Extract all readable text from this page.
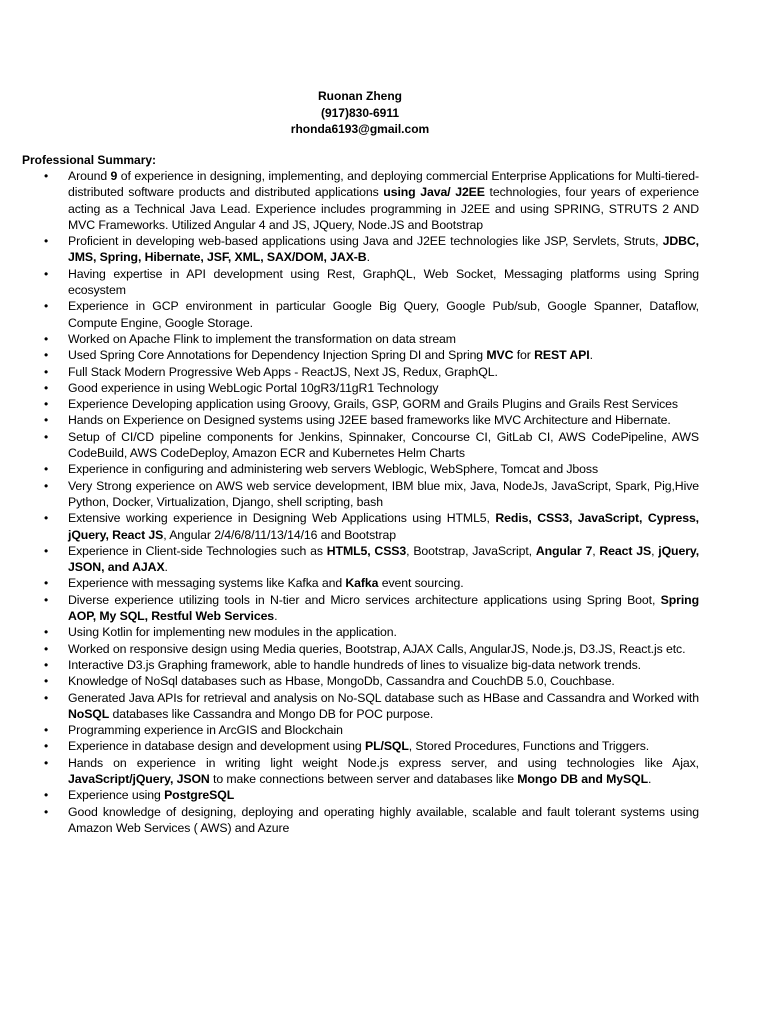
Ruonan Zheng
(917)830-6911
rhonda6193@gmail.com
Professional Summary:
• Around 9 of experience in designing, implementing, and deploying commercial Enterprise Applications for Multi-tiered-distributed software products and distributed applications using Java/ J2EE technologies, four years of experience acting as a Technical Java Lead. Experience includes programming in J2EE and using SPRING, STRUTS 2 AND MVC Frameworks. Utilized Angular 4 and JS, JQuery, Node.JS and Bootstrap
• Proficient in developing web-based applications using Java and J2EE technologies like JSP, Servlets, Struts, JDBC, JMS, Spring, Hibernate, JSF, XML, SAX/DOM, JAX-B.
• Having expertise in API development using Rest, GraphQL, Web Socket, Messaging platforms using Spring ecosystem
• Experience in GCP environment in particular Google Big Query, Google Pub/sub, Google Spanner, Dataflow, Compute Engine, Google Storage.
• Worked on Apache Flink to implement the transformation on data stream
• Used Spring Core Annotations for Dependency Injection Spring DI and Spring MVC for REST API.
• Full Stack Modern Progressive Web Apps - ReactJS, Next JS, Redux, GraphQL.
• Good experience in using WebLogic Portal 10gR3/11gR1 Technology
• Experience Developing application using Groovy, Grails, GSP, GORM and Grails Plugins and Grails Rest Services
• Hands on Experience on Designed systems using J2EE based frameworks like MVC Architecture and Hibernate.
• Setup of CI/CD pipeline components for Jenkins, Spinnaker, Concourse CI, GitLab CI, AWS CodePipeline, AWS CodeBuild, AWS CodeDeploy, Amazon ECR and Kubernetes Helm Charts
• Experience in configuring and administering web servers Weblogic, WebSphere, Tomcat and Jboss
• Very Strong experience on AWS web service development, IBM blue mix, Java, NodeJs, JavaScript, Spark, Pig,Hive Python, Docker, Virtualization, Django, shell scripting, bash
• Extensive working experience in Designing Web Applications using HTML5, Redis, CSS3, JavaScript, Cypress, jQuery, React JS, Angular 2/4/6/8/11/13/14/16 and Bootstrap
• Experience in Client-side Technologies such as HTML5, CSS3, Bootstrap, JavaScript, Angular 7, React JS, jQuery, JSON, and AJAX.
• Experience with messaging systems like Kafka and Kafka event sourcing.
• Diverse experience utilizing tools in N-tier and Micro services architecture applications using Spring Boot, Spring AOP, My SQL, Restful Web Services.
• Using Kotlin for implementing new modules in the application.
• Worked on responsive design using Media queries, Bootstrap, AJAX Calls, AngularJS, Node.js, D3.JS, React.js etc.
• Interactive D3.js Graphing framework, able to handle hundreds of lines to visualize big-data network trends.
• Knowledge of NoSql databases such as Hbase, MongoDb, Cassandra and CouchDB 5.0, Couchbase.
• Generated Java APIs for retrieval and analysis on No-SQL database such as HBase and Cassandra and Worked with NoSQL databases like Cassandra and Mongo DB for POC purpose.
• Programming experience in ArcGIS and Blockchain
• Experience in database design and development using PL/SQL, Stored Procedures, Functions and Triggers.
• Hands on experience in writing light weight Node.js express server, and using technologies like Ajax, JavaScript/jQuery, JSON to make connections between server and databases like Mongo DB and MySQL.
• Experience using PostgreSQL
• Good knowledge of designing, deploying and operating highly available, scalable and fault tolerant systems using Amazon Web Services ( AWS) and Azure
